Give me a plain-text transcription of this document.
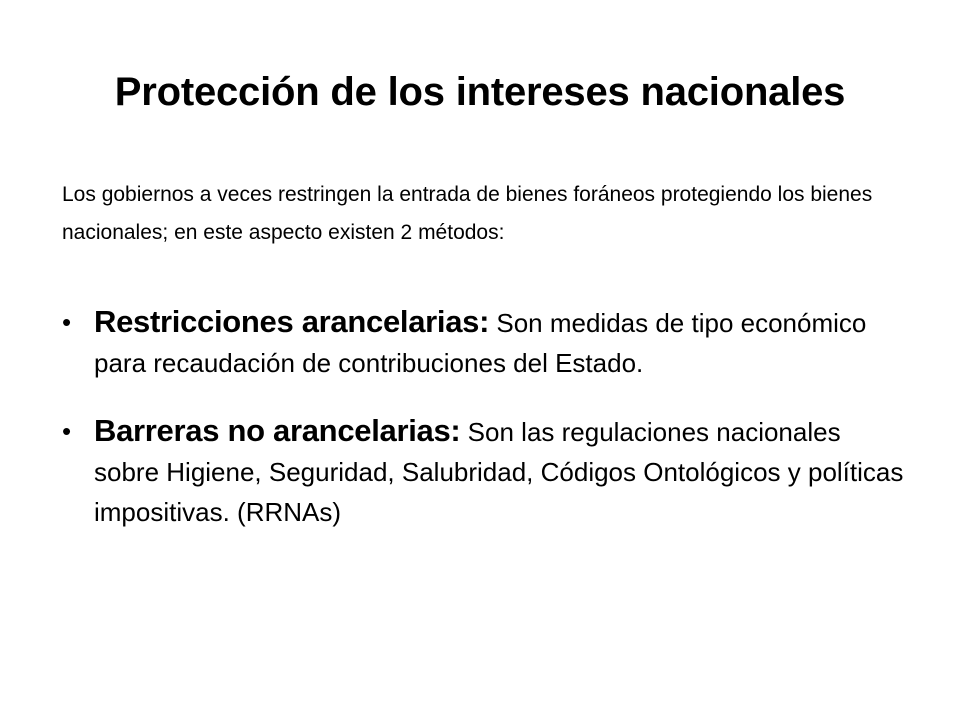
Protección de los intereses nacionales

Los gobiernos a veces restringen la entrada de bienes foráneos protegiendo los bienes nacionales; en este aspecto existen 2 métodos:

• Restricciones arancelarias: Son medidas de tipo económico para recaudación de contribuciones del Estado.
• Barreras no arancelarias: Son las regulaciones nacionales sobre Higiene, Seguridad, Salubridad, Códigos Ontológicos y políticas impositivas. (RRNAs)
